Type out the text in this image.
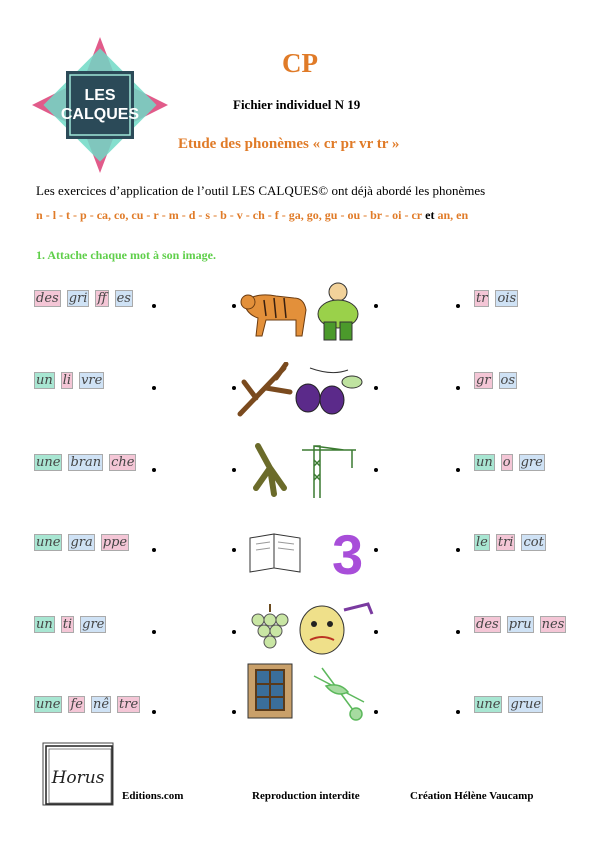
LES
CALQUES
CP
Fichier individuel N 19
Etude des phonèmes « cr pr vr tr »
Les exercices d’application de l’outil LES CALQUES© ont déjà abordé les phonèmes
n - l - t - p - ca, co, cu - r - m - d - s - b - v - ch - f - ga, go, gu - ou - br - oi - cr et an, en
1. Attache chaque mot à son image.
des gri ff es
un li vre
une bran che
une gra ppe
un ti gre
une fe nê tre
tr ois
gr os
un o gre
le tri cot
des pru nes
une grue
3
Horus
Editions.com	Reproduction interdite	Création Hélène Vaucamp
